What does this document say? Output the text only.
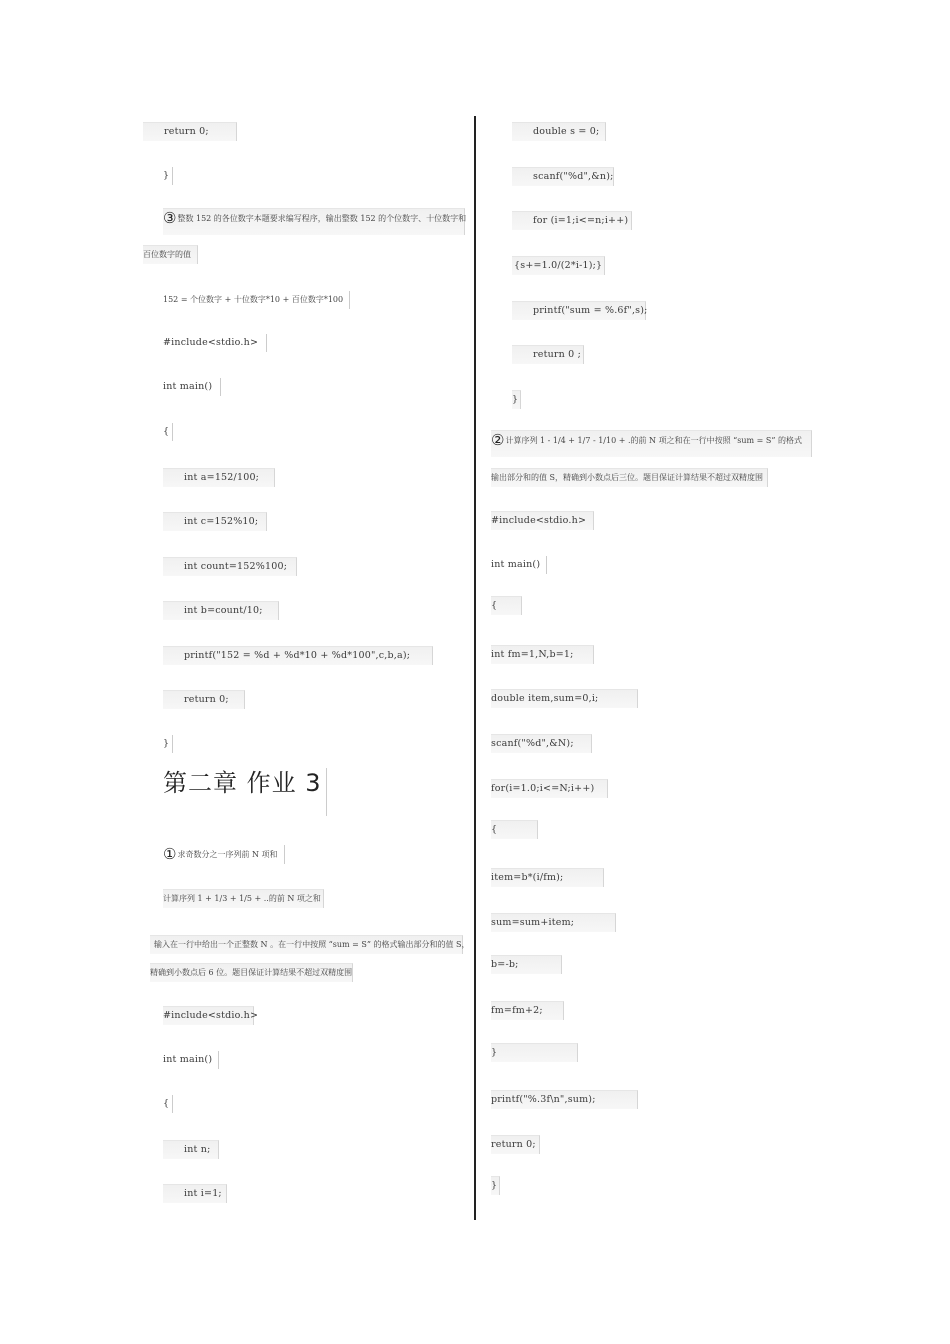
return 0;
}
③整数 152 的各位数字本题要求编写程序，输出整数 152 的个位数字、十位数字和
百位数字的值
152 = 个位数字 + 十位数字*10 + 百位数字*100
#include<stdio.h>
int main()
{
int a=152/100;
int c=152%10;
int count=152%100;
int b=count/10;
printf("152 = %d + %d*10 + %d*100",c,b,a);
return 0;
}
第二章 作业 3
①求奇数分之一序列前 N 项和
计算序列 1 + 1/3 + 1/5 + ..的前 N 项之和
输入在一行中给出一个正整数 N 。在一行中按照 “sum = S” 的格式输出部分和的值 S，
精确到小数点后 6 位。题目保证计算结果不超过双精度围
#include<stdio.h>
int main()
{
int n;
int i=1;
double s = 0;
scanf("%d",&n);
for (i=1;i<=n;i++)
{s+=1.0/(2*i-1);}
printf("sum = %.6f",s);
return 0 ;
}
②计算序列 1 - 1/4 + 1/7 - 1/10 + .的前 N 项之和在一行中按照 “sum = S” 的格式
输出部分和的值 S，精确到小数点后三位。题目保证计算结果不超过双精度围
#include<stdio.h>
int main()
{
int fm=1,N,b=1;
double item,sum=0,i;
scanf("%d",&N);
for(i=1.0;i<=N;i++)
{
item=b*(i/fm);
sum=sum+item;
b=-b;
fm=fm+2;
}
printf("%.3f\n",sum);
return 0;
}
